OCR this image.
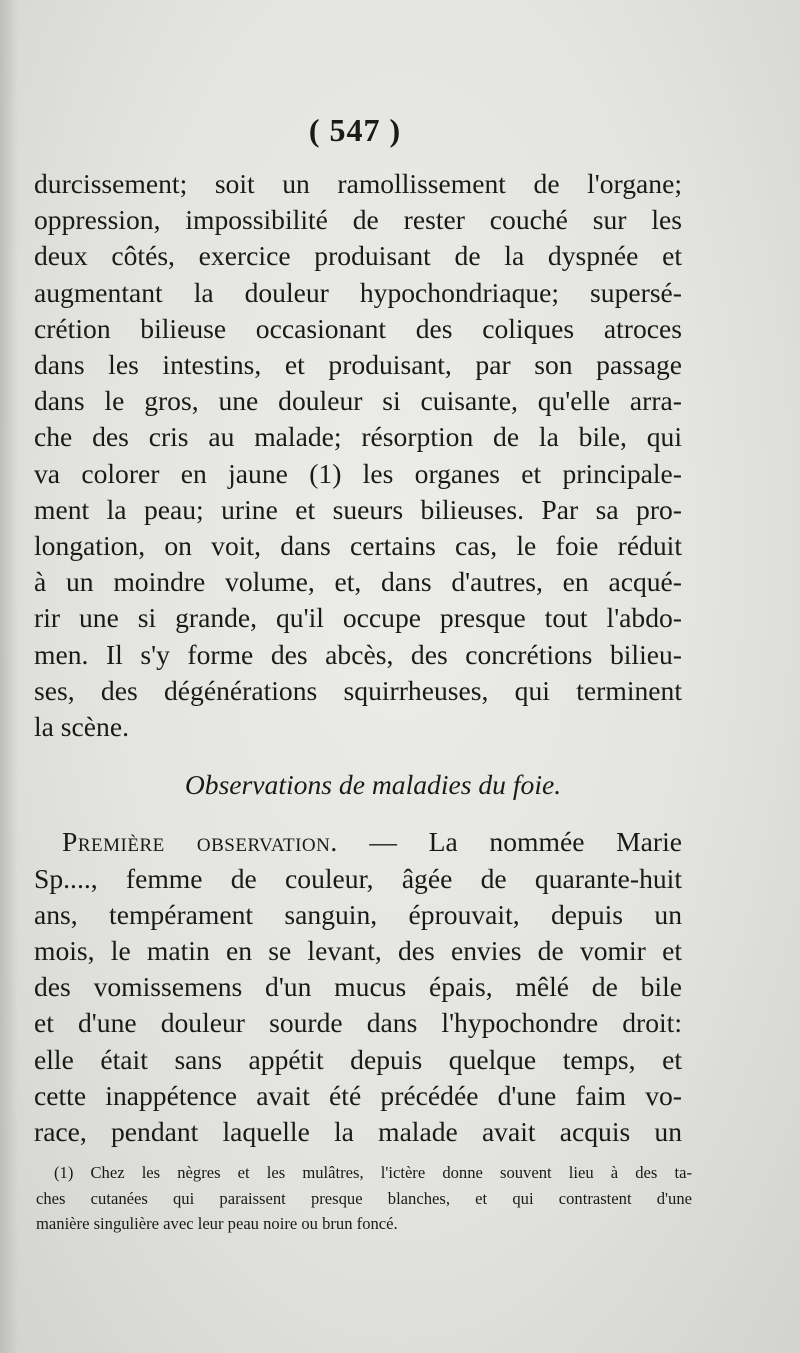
( 547 )
durcissement; soit un ramollissement de l'organe;
oppression, impossibilité de rester couché sur les
deux côtés, exercice produisant de la dyspnée et
augmentant la douleur hypochondriaque; supersé-
crétion bilieuse occasionant des coliques atroces
dans les intestins, et produisant, par son passage
dans le gros, une douleur si cuisante, qu'elle arra-
che des cris au malade; résorption de la bile, qui
va colorer en jaune (1) les organes et principale-
ment la peau; urine et sueurs bilieuses. Par sa pro-
longation, on voit, dans certains cas, le foie réduit
à un moindre volume, et, dans d'autres, en acqué-
rir une si grande, qu'il occupe presque tout l'abdo-
men. Il s'y forme des abcès, des concrétions bilieu-
ses, des dégénérations squirrheuses, qui terminent
la scène.
Observations de maladies du foie.
Première observation. — La nommée Marie
Sp...., femme de couleur, âgée de quarante-huit
ans, tempérament sanguin, éprouvait, depuis un
mois, le matin en se levant, des envies de vomir et
des vomissemens d'un mucus épais, mêlé de bile
et d'une douleur sourde dans l'hypochondre droit:
elle était sans appétit depuis quelque temps, et
cette inappétence avait été précédée d'une faim vo-
race, pendant laquelle la malade avait acquis un
(1) Chez les nègres et les mulâtres, l'ictère donne souvent lieu à des ta-
ches cutanées qui paraissent presque blanches, et qui contrastent d'une
manière singulière avec leur peau noire ou brun foncé.
